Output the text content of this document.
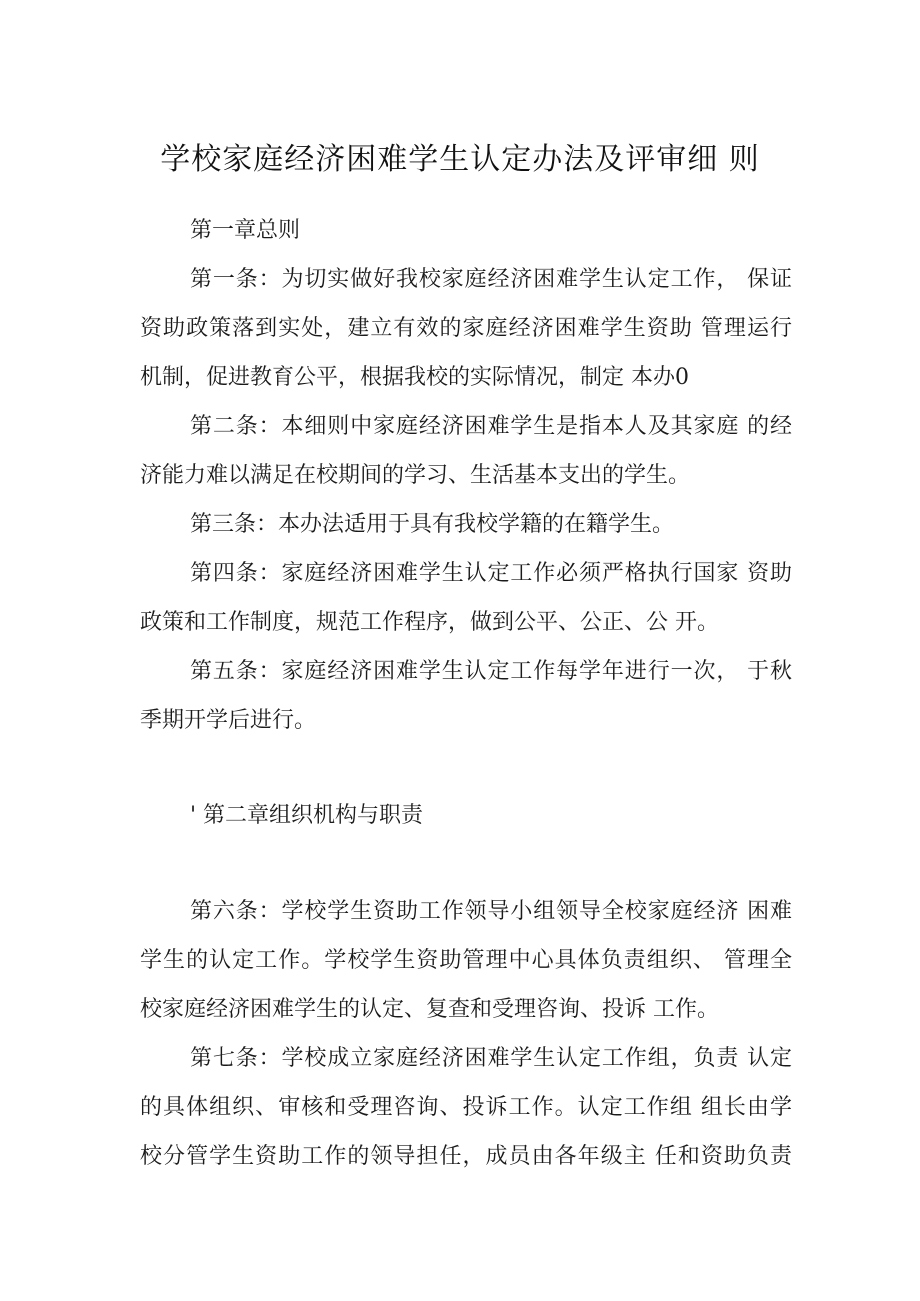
学校家庭经济困难学生认定办法及评审细 则
第一章总则
第一条：为切实做好我校家庭经济困难学生认定工作， 保证
资助政策落到实处，建立有效的家庭经济困难学生资助 管理运行
机制，促进教育公平，根据我校的实际情况，制定 本办0
第二条：本细则中家庭经济困难学生是指本人及其家庭 的经
济能力难以满足在校期间的学习、生活基本支出的学生。
第三条：本办法适用于具有我校学籍的在籍学生。
第四条：家庭经济困难学生认定工作必须严格执行国家 资助
政策和工作制度，规范工作程序，做到公平、公正、公 开。
第五条：家庭经济困难学生认定工作每学年进行一次， 于秋
季期开学后进行。
' 第二章组织机构与职责
第六条：学校学生资助工作领导小组领导全校家庭经济 困难
学生的认定工作。学校学生资助管理中心具体负责组织、 管理全
校家庭经济困难学生的认定、复查和受理咨询、投诉 工作。
第七条：学校成立家庭经济困难学生认定工作组，负责 认定
的具体组织、审核和受理咨询、投诉工作。认定工作组 组长由学
校分管学生资助工作的领导担任，成员由各年级主 任和资助负责
